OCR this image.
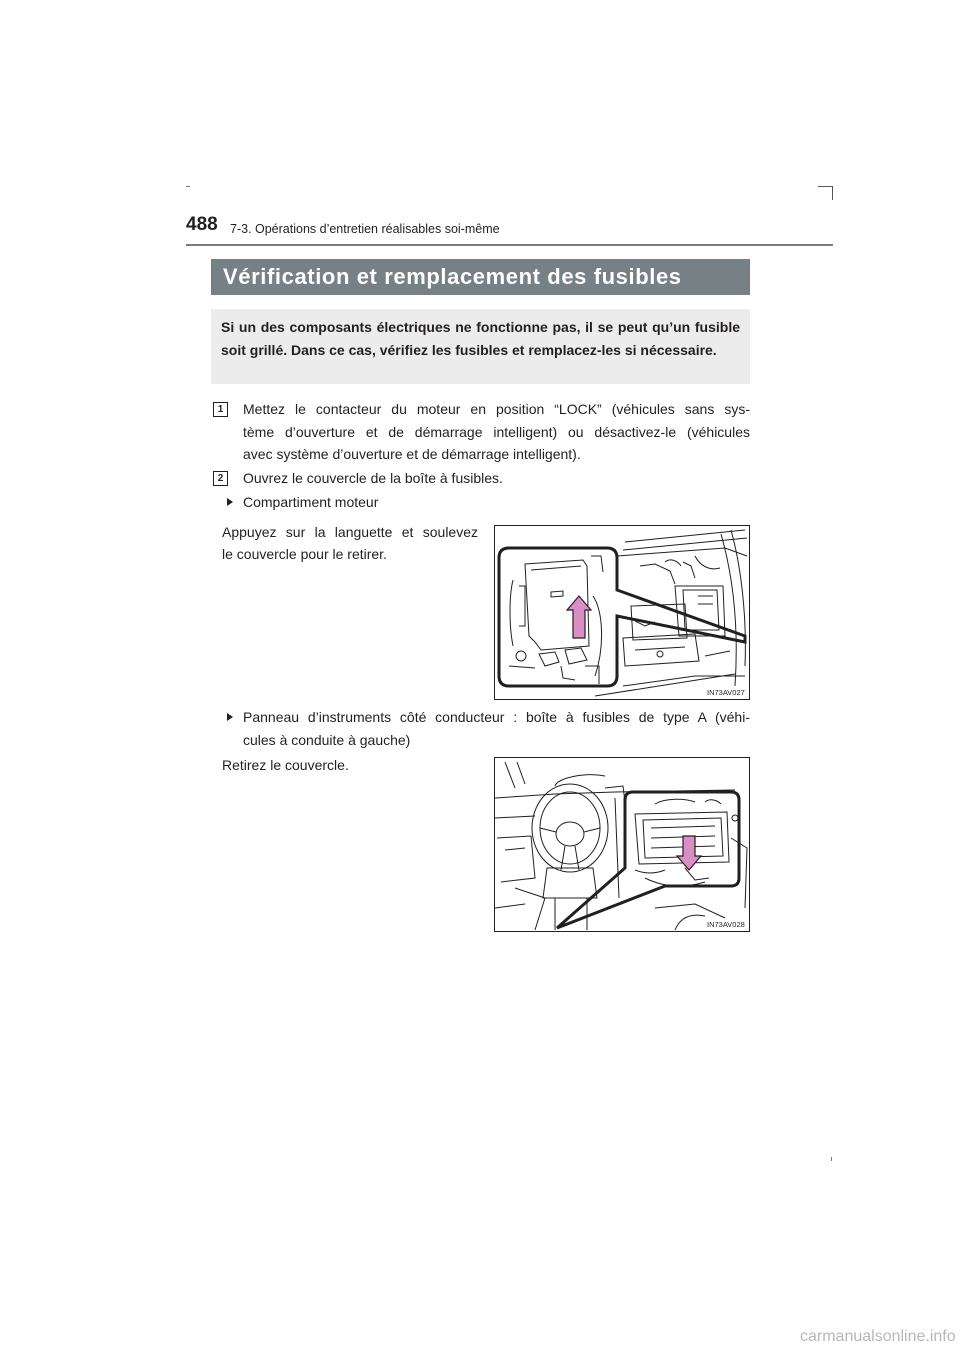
488 7-3. Opérations d’entretien réalisables soi-même
Vérification et remplacement des fusibles
Si un des composants électriques ne fonctionne pas, il se peut qu’un fusible soit grillé. Dans ce cas, vérifiez les fusibles et remplacez-les si nécessaire.
1	Mettez le contacteur du moteur en position “LOCK” (véhicules sans sys-
tème d’ouverture et de démarrage intelligent) ou désactivez-le (véhicules
avec système d’ouverture et de démarrage intelligent).
2	Ouvrez le couvercle de la boîte à fusibles.
Compartiment moteur
Appuyez sur la languette et soulevez
le couvercle pour le retirer.
IN73AV027
Panneau d’instruments côté conducteur : boîte à fusibles de type A (véhi-
cules à conduite à gauche)
Retirez le couvercle.
IN73AV028
carmanualsonline.info
